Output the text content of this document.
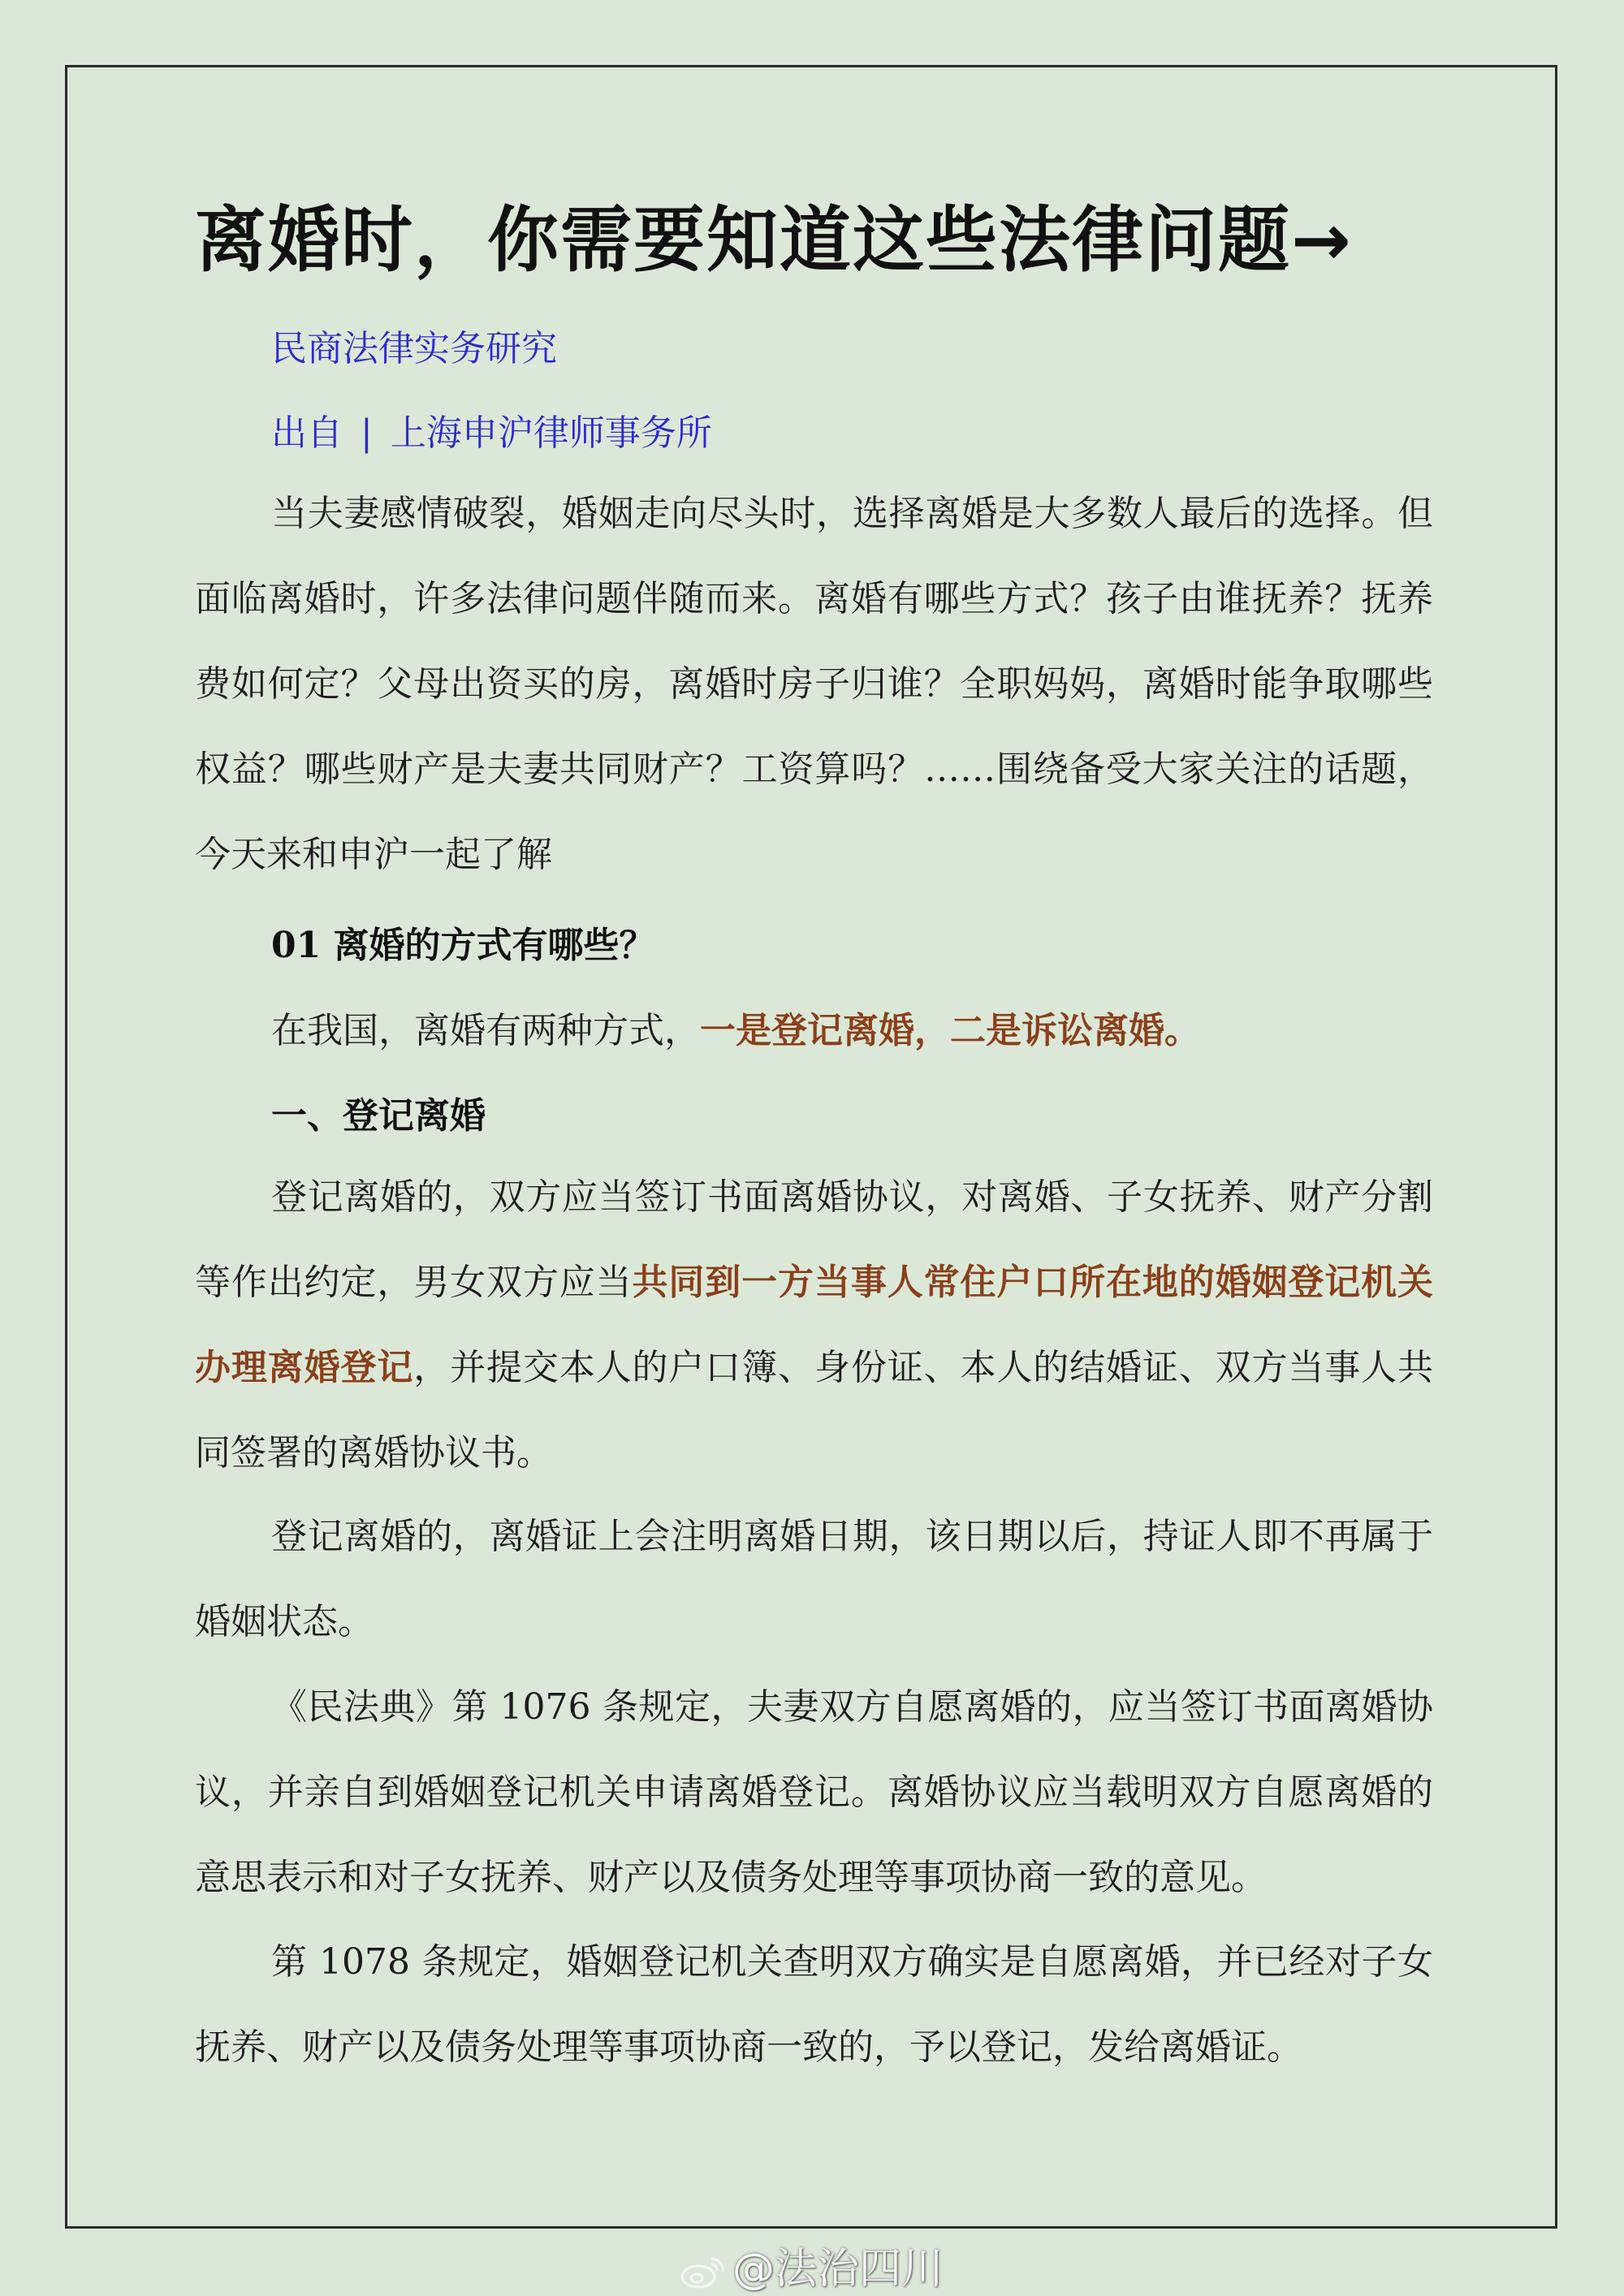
离婚时，你需要知道这些法律问题→
民商法律实务研究
出自 | 上海申沪律师事务所
当夫妻感情破裂，婚姻走向尽头时，选择离婚是大多数人最后的选择。但面临离婚时，许多法律问题伴随而来。离婚有哪些方式？孩子由谁抚养？抚养费如何定？父母出资买的房，离婚时房子归谁？全职妈妈，离婚时能争取哪些权益？哪些财产是夫妻共同财产？工资算吗？……围绕备受大家关注的话题，今天来和申沪一起了解
01 离婚的方式有哪些？
在我国，离婚有两种方式，一是登记离婚，二是诉讼离婚。
一、登记离婚
登记离婚的，双方应当签订书面离婚协议，对离婚、子女抚养、财产分割等作出约定，男女双方应当共同到一方当事人常住户口所在地的婚姻登记机关办理离婚登记，并提交本人的户口簿、身份证、本人的结婚证、双方当事人共同签署的离婚协议书。
登记离婚的，离婚证上会注明离婚日期，该日期以后，持证人即不再属于婚姻状态。
《民法典》第 1076 条规定，夫妻双方自愿离婚的，应当签订书面离婚协议，并亲自到婚姻登记机关申请离婚登记。离婚协议应当载明双方自愿离婚的意思表示和对子女抚养、财产以及债务处理等事项协商一致的意见。
第 1078 条规定，婚姻登记机关查明双方确实是自愿离婚，并已经对子女抚养、财产以及债务处理等事项协商一致的，予以登记，发给离婚证。
@法治四川
